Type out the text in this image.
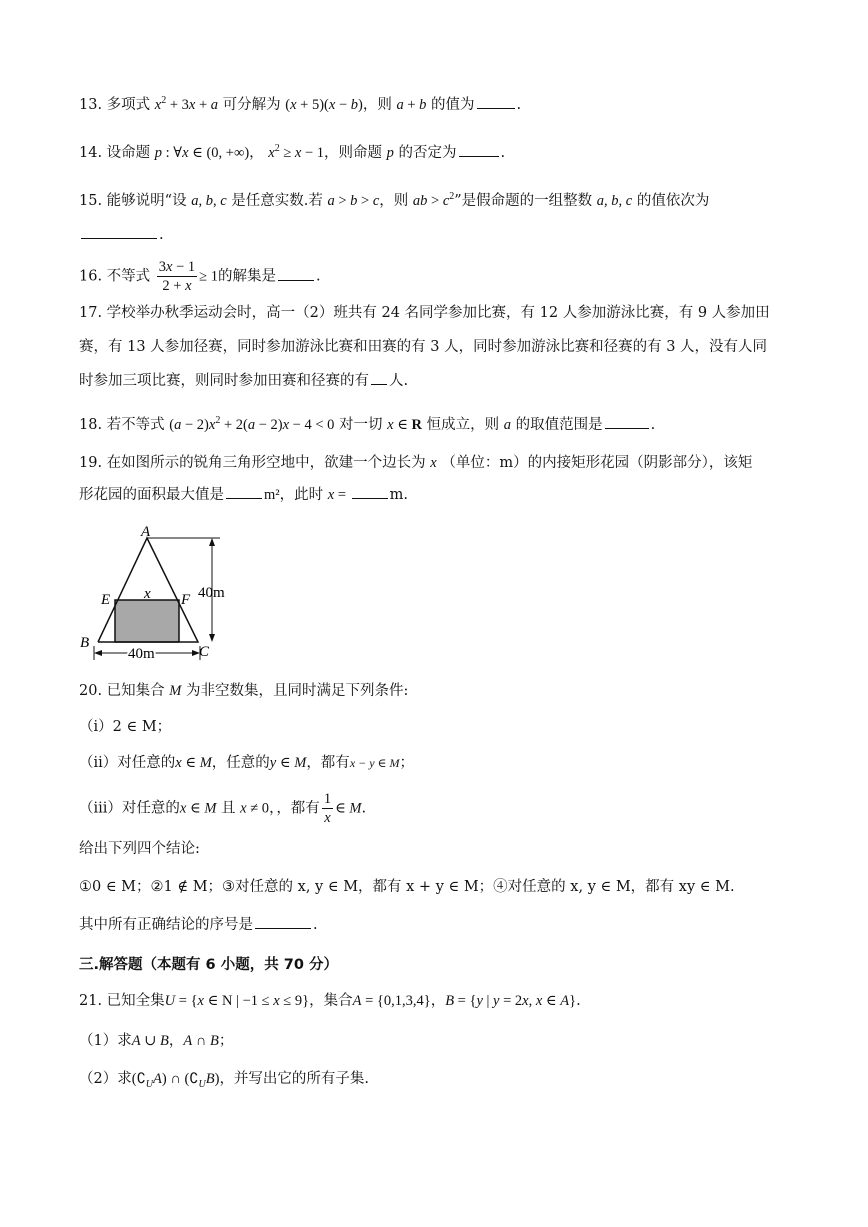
13. 多项式 $x^2 + 3x + a$ 可分解为 (x + 5)(x − b)，则 a + b 的值为	.
14. 设命题 p : ∀x ∈ (0, +∞)， $x^2 \ge x - 1$，则命题 p 的否定为	.
15. 能够说明“设 a, b, c 是任意实数.若 a > b > c，则 ab > $c^2$”是假命题的一组整数 a, b, c 的值依次为
.
16. 不等式 $\frac{3x - 1}{2 + x} \ge 1$的解集是	.
17. 学校举办秋季运动会时，高一（2）班共有 24 名同学参加比赛，有 12 人参加游泳比赛，有 9 人参加田
赛，有 13 人参加径赛，同时参加游泳比赛和田赛的有 3 人，同时参加游泳比赛和径赛的有 3 人，没有人同
时参加三项比赛，则同时参加田赛和径赛的有 人.
18. 若不等式 $(a - 2)x^2 + 2(a - 2)x - 4 < 0$ 对一切 x ∈ R 恒成立，则 a 的取值范围是	.
19. 在如图所示的锐角三角形空地中，欲建一个边长为 x （单位：m）的内接矩形花园（阴影部分），该矩
形花园的面积最大值是	m²，此时 x =	m.
A
B
C
E	F
x	40m
40m
20. 已知集合 M 为非空数集，且同时满足下列条件:
（ⅰ）2 ∈ M；
（ⅱ）对任意的x ∈ M，任意的y ∈ M，都有x − y ∈ M；
（ⅲ）对任意的x ∈ M 且 x ≠ 0，，都有 $\frac{1}{x}$ ∈ M.
给出下列四个结论:
①0 ∈ M；②1 ∉ M；③对任意的 x, y ∈ M，都有 x + y ∈ M；④对任意的 x, y ∈ M，都有 xy ∈ M.
其中所有正确结论的序号是	.
三.解答题（本题有 6 小题，共 70 分）
21. 已知全集U = {x ∈ N | −1 ≤ x ≤ 9}，集合A = {0,1,3,4}，B = {y | y = 2x, x ∈ A}.
（1）求A ∪ B，A ∩ B；
（2）求$(∁_UA)$ ∩ $(∁_UB)$，并写出它的所有子集.
